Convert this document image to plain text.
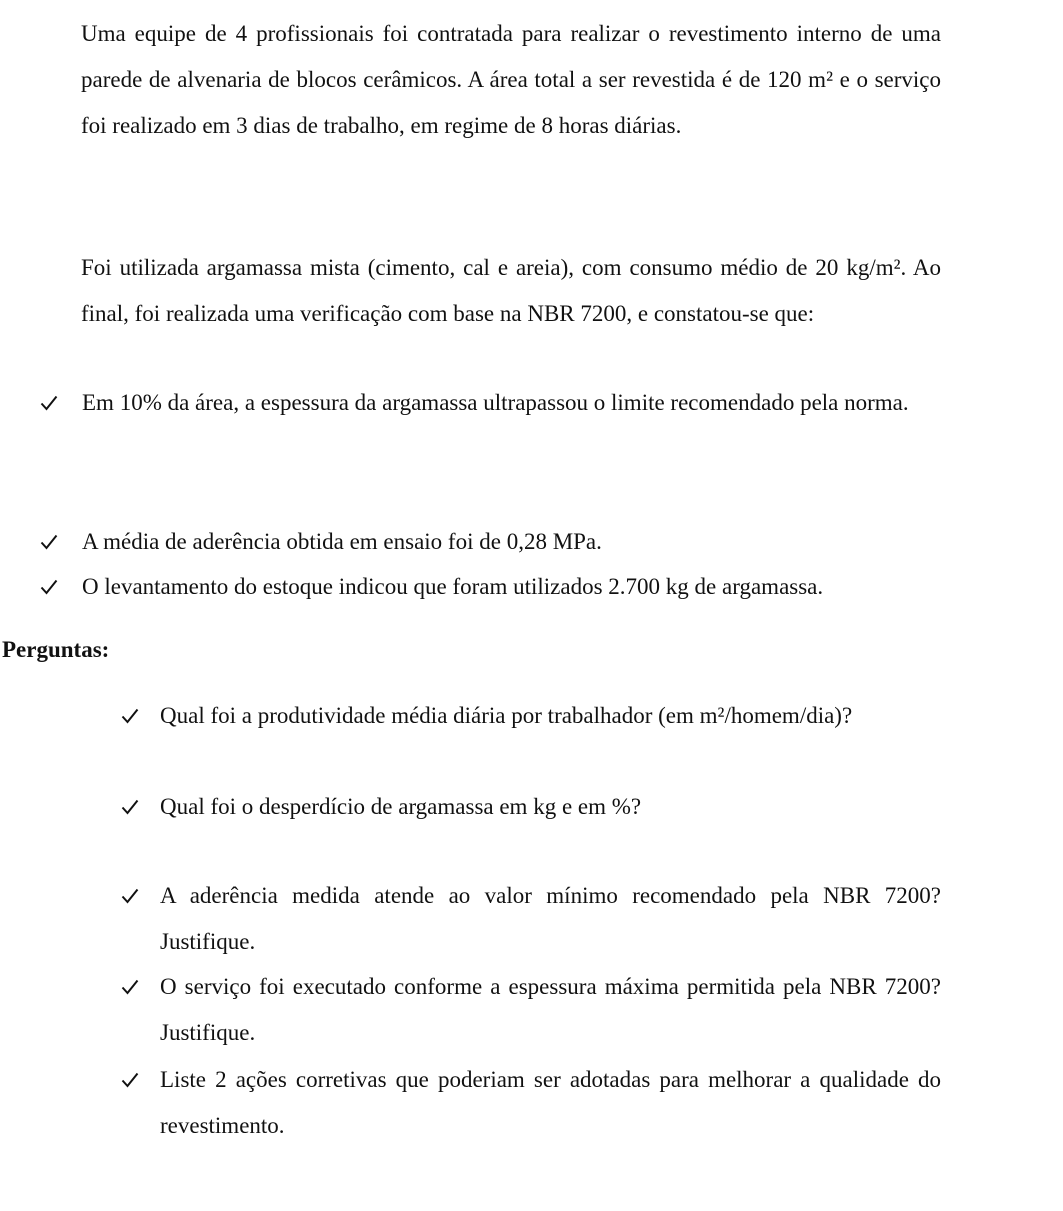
Uma equipe de 4 profissionais foi contratada para realizar o revestimento interno de uma parede de alvenaria de blocos cerâmicos. A área total a ser revestida é de 120 m² e o serviço foi realizado em 3 dias de trabalho, em regime de 8 horas diárias.

Foi utilizada argamassa mista (cimento, cal e areia), com consumo médio de 20 kg/m². Ao final, foi realizada uma verificação com base na NBR 7200, e constatou-se que:

Em 10% da área, a espessura da argamassa ultrapassou o limite recomendado pela norma.

A média de aderência obtida em ensaio foi de 0,28 MPa.

O levantamento do estoque indicou que foram utilizados 2.700 kg de argamassa.

Perguntas:

Qual foi a produtividade média diária por trabalhador (em m²/homem/dia)?

Qual foi o desperdício de argamassa em kg e em %?

A aderência medida atende ao valor mínimo recomendado pela NBR 7200? Justifique.

O serviço foi executado conforme a espessura máxima permitida pela NBR 7200? Justifique.

Liste 2 ações corretivas que poderiam ser adotadas para melhorar a qualidade do revestimento.
